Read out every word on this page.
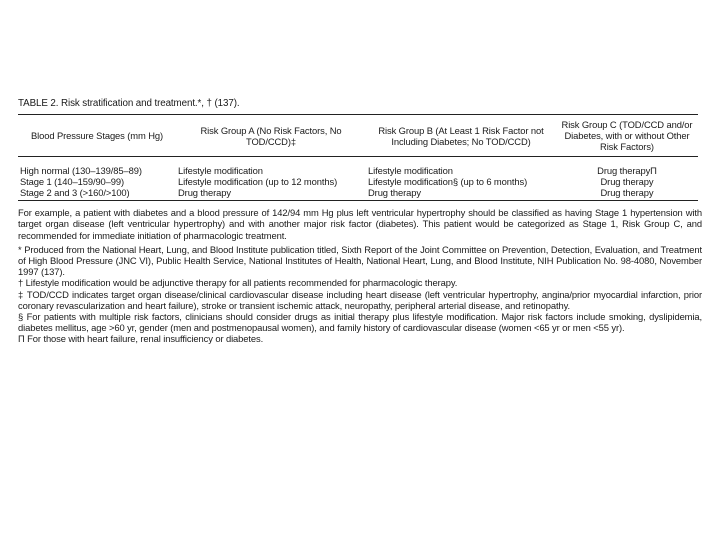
TABLE 2. Risk stratification and treatment.*, † (137).

Blood Pressure Stages (mm Hg)	Risk Group A (No Risk Factors, No TOD/CCD)‡	Risk Group B (At Least 1 Risk Factor not Including Diabetes; No TOD/CCD)	Risk Group C (TOD/CCD and/or Diabetes, with or without Other Risk Factors)
High normal (130–139/85–89)	Lifestyle modification	Lifestyle modification	Drug therapyΠ
Stage 1 (140–159/90–99)	Lifestyle modification (up to 12 months)	Lifestyle modification§ (up to 6 months)	Drug therapy
Stage 2 and 3 (>160/>100)	Drug therapy	Drug therapy	Drug therapy

For example, a patient with diabetes and a blood pressure of 142/94 mm Hg plus left ventricular hypertrophy should be classified as having Stage 1 hypertension with target organ disease (left ventricular hypertrophy) and with another major risk factor (diabetes). This patient would be categorized as Stage 1, Risk Group C, and recommended for immediate initiation of pharmacologic treatment.

* Produced from the National Heart, Lung, and Blood Institute publication titled, Sixth Report of the Joint Committee on Prevention, Detection, Evaluation, and Treatment of High Blood Pressure (JNC VI), Public Health Service, National Institutes of Health, National Heart, Lung, and Blood Institute, NIH Publication No. 98-4080, November 1997 (137).

† Lifestyle modification would be adjunctive therapy for all patients recommended for pharmacologic therapy.

‡ TOD/CCD indicates target organ disease/clinical cardiovascular disease including heart disease (left ventricular hypertrophy, angina/prior myocardial infarction, prior coronary revascularization and heart failure), stroke or transient ischemic attack, neuropathy, peripheral arterial disease, and retinopathy.

§ For patients with multiple risk factors, clinicians should consider drugs as initial therapy plus lifestyle modification. Major risk factors include smoking, dyslipidemia, diabetes mellitus, age >60 yr, gender (men and postmenopausal women), and family history of cardiovascular disease (women <65 yr or men <55 yr).

Π For those with heart failure, renal insufficiency or diabetes.
